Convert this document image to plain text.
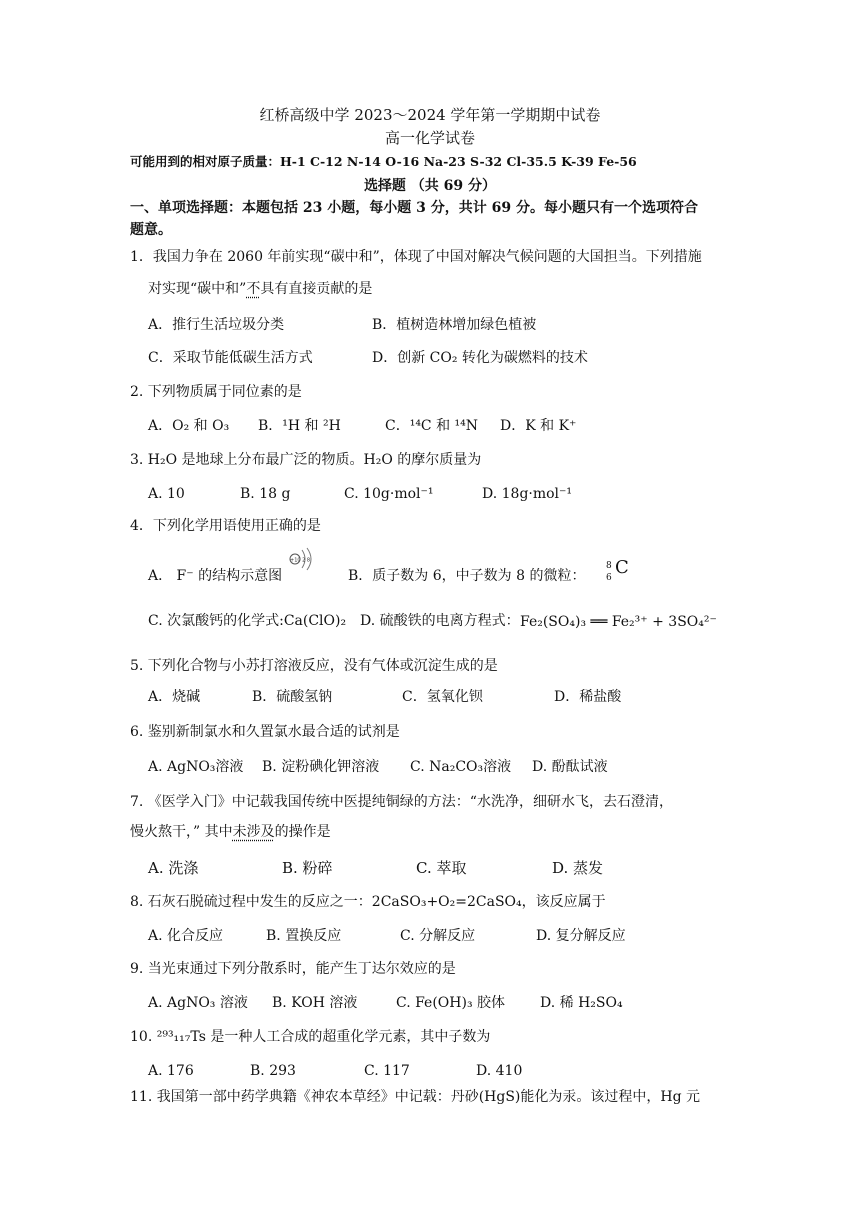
红桥高级中学 2023～2024 学年第一学期期中试卷
高一化学试卷
可能用到的相对原子质量：H-1 C-12 N-14 O-16 Na-23 S-32 Cl-35.5 K-39 Fe-56
选择题 （共 69 分）
一、单项选择题：本题包括 23 小题，每小题 3 分，共计 69 分。每小题只有一个选项符合
题意。
1．我国力争在 2060 年前实现“碳中和”，体现了中国对解决气候问题的大国担当。下列措施
对实现“碳中和”不具有直接贡献的是
A．推行生活垃圾分类	B．植树造林增加绿色植被
C．采取节能低碳生活方式	D．创新 CO₂ 转化为碳燃料的技术
2. 下列物质属于同位素的是
A．O₂ 和 O₃ B．¹H 和 ²H	C．¹⁴C 和 ¹⁴N D．K 和 K⁺
3. H₂O 是地球上分布最广泛的物质。H₂O 的摩尔质量为
A. 10	B. 18 g	C. 10g·mol⁻¹	D. 18g·mol⁻¹
4．下列化学用语使用正确的是
A． F⁻ 的结构示意图
+10 2 8
B．质子数为 6，中子数为 8 的微粒：
8
6 C
C. 次氯酸钙的化学式:Ca(ClO)₂ D. 硫酸铁的电离方程式： Fe₂(SO₄)₃ ══ Fe₂³⁺ + 3SO₄²⁻
5. 下列化合物与小苏打溶液反应，没有气体或沉淀生成的是
A．烧碱	B．硫酸氢钠	C．氢氧化钡	D．稀盐酸
6. 鉴别新制氯水和久置氯水最合适的试剂是
A. AgNO₃溶液 B. 淀粉碘化钾溶液 C. Na₂CO₃溶液 D. 酚酞试液
7. 《医学入门》中记载我国传统中医提纯铜绿的方法：“水洗净，细研水飞，去石澄清，
慢火熬干，” 其中未涉及的操作是
A. 洗涤	B. 粉碎	C. 萃取	D. 蒸发
8. 石灰石脱硫过程中发生的反应之一：2CaSO₃+O₂=2CaSO₄，该反应属于
A. 化合反应	B. 置换反应	C. 分解反应	D. 复分解反应
9. 当光束通过下列分散系时，能产生丁达尔效应的是
A. AgNO₃ 溶液 B. KOH 溶液	C. Fe(OH)₃ 胶体 D. 稀 H₂SO₄
10. ²⁹³₁₁₇Ts 是一种人工合成的超重化学元素，其中子数为
A. 176	B. 293	C. 117	D. 410
11. 我国第一部中药学典籍《神农本草经》中记载：丹砂(HgS)能化为汞。该过程中，Hg 元
